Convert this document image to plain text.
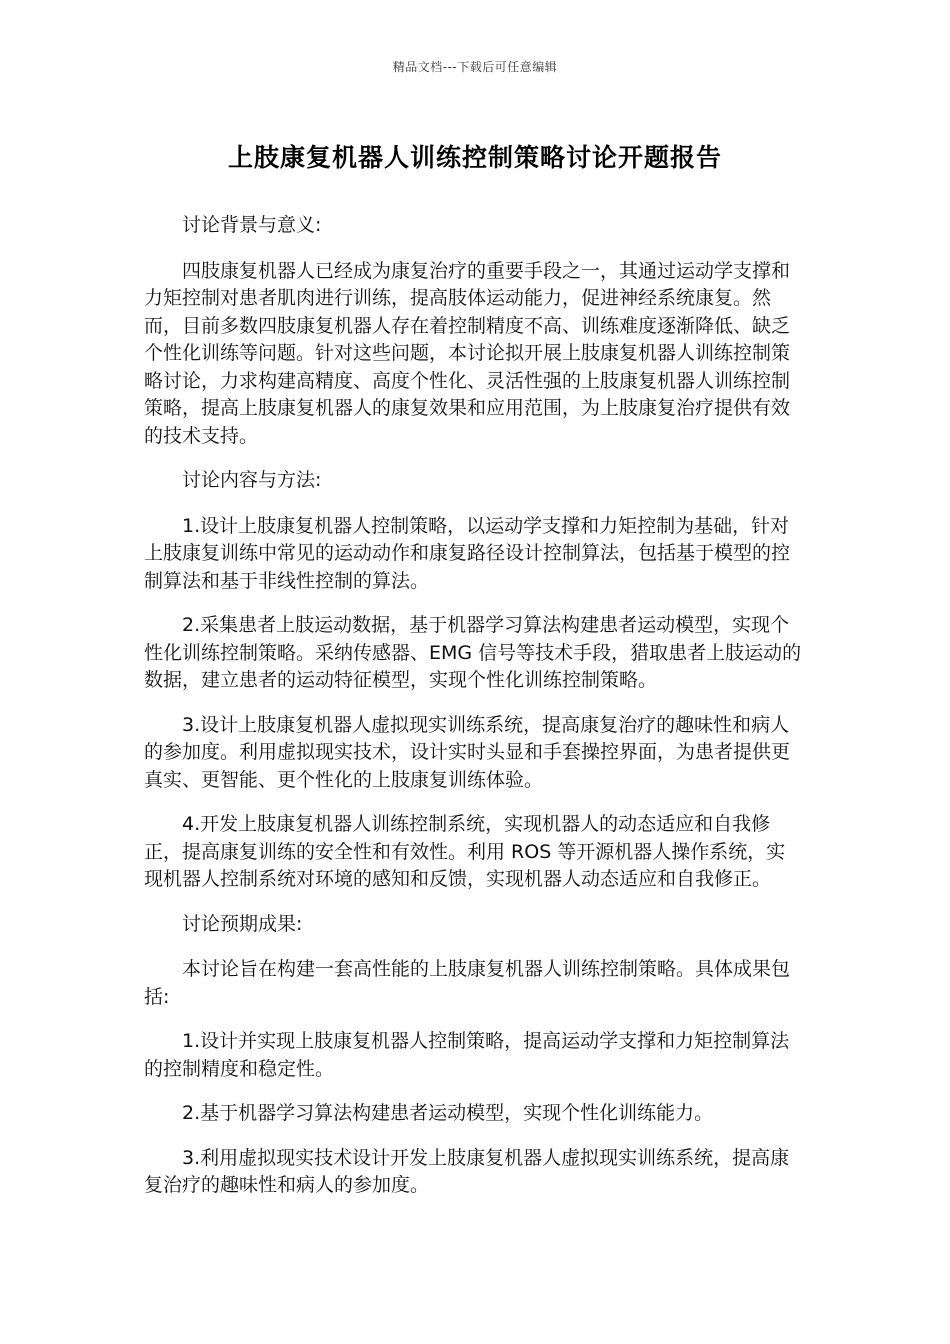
精品文档---下载后可任意编辑
上肢康复机器人训练控制策略讨论开题报告

讨论背景与意义:

四肢康复机器人已经成为康复治疗的重要手段之一，其通过运动学支撑和力矩控制对患者肌肉进行训练，提高肢体运动能力，促进神经系统康复。然而，目前多数四肢康复机器人存在着控制精度不高、训练难度逐渐降低、缺乏个性化训练等问题。针对这些问题，本讨论拟开展上肢康复机器人训练控制策略讨论，力求构建高精度、高度个性化、灵活性强的上肢康复机器人训练控制策略，提高上肢康复机器人的康复效果和应用范围，为上肢康复治疗提供有效的技术支持。

讨论内容与方法:

1.设计上肢康复机器人控制策略，以运动学支撑和力矩控制为基础，针对上肢康复训练中常见的运动动作和康复路径设计控制算法，包括基于模型的控制算法和基于非线性控制的算法。

2.采集患者上肢运动数据，基于机器学习算法构建患者运动模型，实现个性化训练控制策略。采纳传感器、EMG 信号等技术手段，猎取患者上肢运动的数据，建立患者的运动特征模型，实现个性化训练控制策略。

3.设计上肢康复机器人虚拟现实训练系统，提高康复治疗的趣味性和病人的参加度。利用虚拟现实技术，设计实时头显和手套操控界面，为患者提供更真实、更智能、更个性化的上肢康复训练体验。

4.开发上肢康复机器人训练控制系统，实现机器人的动态适应和自我修正，提高康复训练的安全性和有效性。利用 ROS 等开源机器人操作系统，实现机器人控制系统对环境的感知和反馈，实现机器人动态适应和自我修正。

讨论预期成果:

本讨论旨在构建一套高性能的上肢康复机器人训练控制策略。具体成果包括:

1.设计并实现上肢康复机器人控制策略，提高运动学支撑和力矩控制算法的控制精度和稳定性。

2.基于机器学习算法构建患者运动模型，实现个性化训练能力。

3.利用虚拟现实技术设计开发上肢康复机器人虚拟现实训练系统，提高康复治疗的趣味性和病人的参加度。
